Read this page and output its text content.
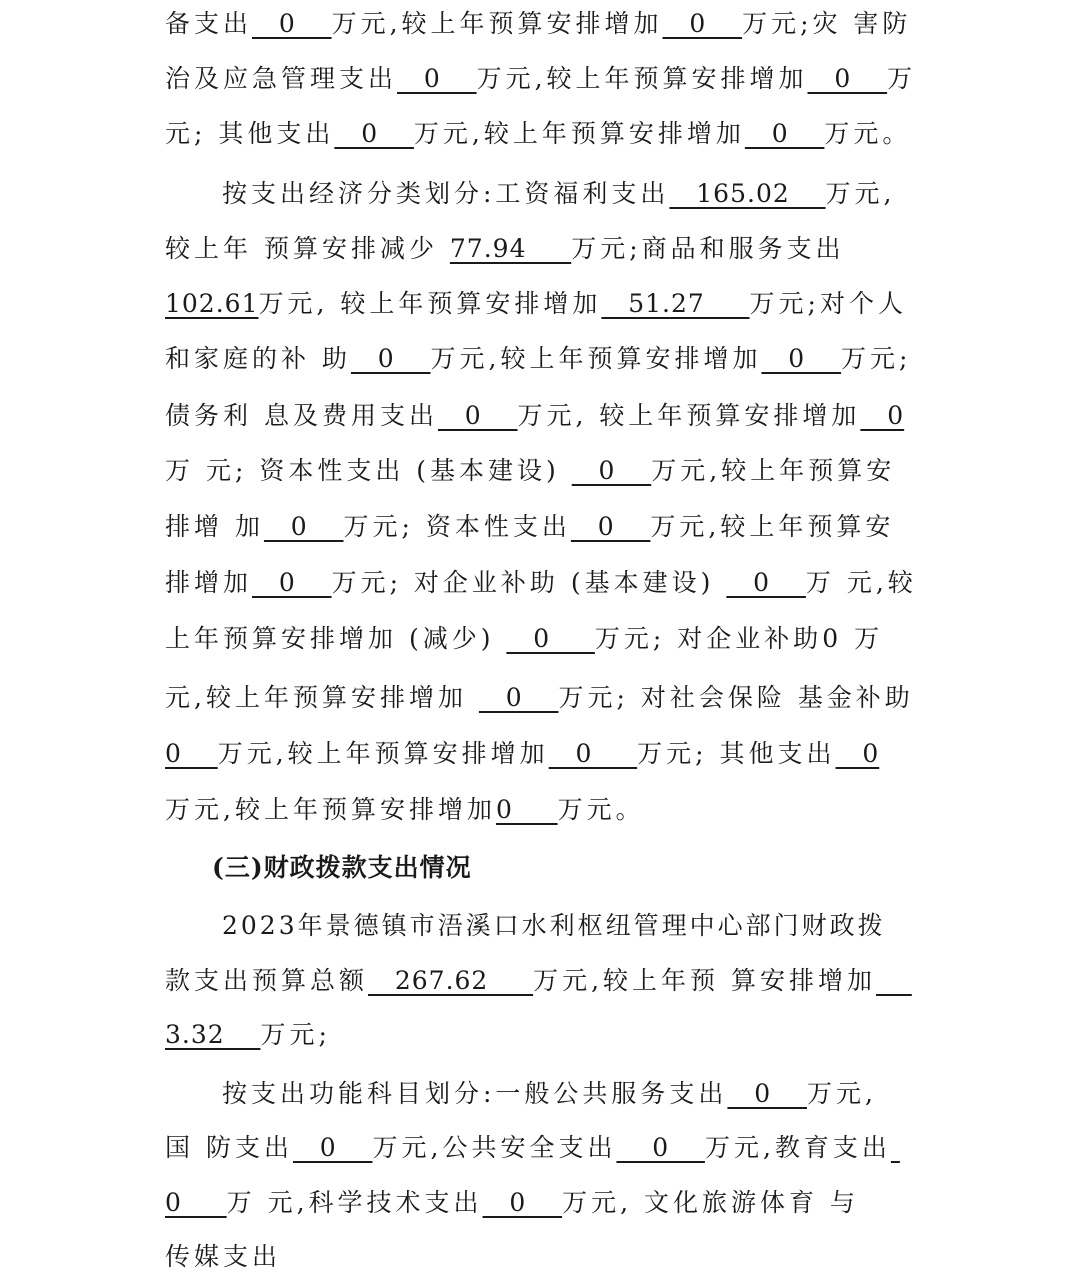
备支出   0    万元,较上年预算安排增加   0    万元;灾 害防
治及应急管理支出   0    万元,较上年预算安排增加   0    万
元; 其他支出   0    万元,较上年预算安排增加   0    万元。
按支出经济分类划分:工资福利支出   165.02    万元,
较上年 预算安排减少 77.94     万元;商品和服务支出
102.61万元, 较上年预算安排增加   51.27     万元;对个人
和家庭的补 助   0    万元,较上年预算安排增加   0    万元;
债务利 息及费用支出   0    万元, 较上年预算安排增加   0
万 元; 资本性支出 (基本建设)    0    万元,较上年预算安
排增 加   0    万元; 资本性支出   0    万元,较上年预算安
排增加   0    万元; 对企业补助 (基本建设)    0    万 元,较
上年预算安排增加 (减少)    0     万元; 对企业补助0 万
元,较上年预算安排增加    0    万元; 对社会保险 基金补助
0    万元,较上年预算安排增加   0     万元; 其他支出   0
万元,较上年预算安排增加0     万元。
(三)财政拨款支出情况
2023年景德镇市浯溪口水利枢纽管理中心部门财政拨
款支出预算总额   267.62     万元,较上年预 算安排增加
3.32    万元;
按支出功能科目划分:一般公共服务支出   0    万元,
国 防支出   0    万元,公共安全支出    0    万元,教育支出
0     万 元,科学技术支出   0    万元, 文化旅游体育 与
传媒支出
